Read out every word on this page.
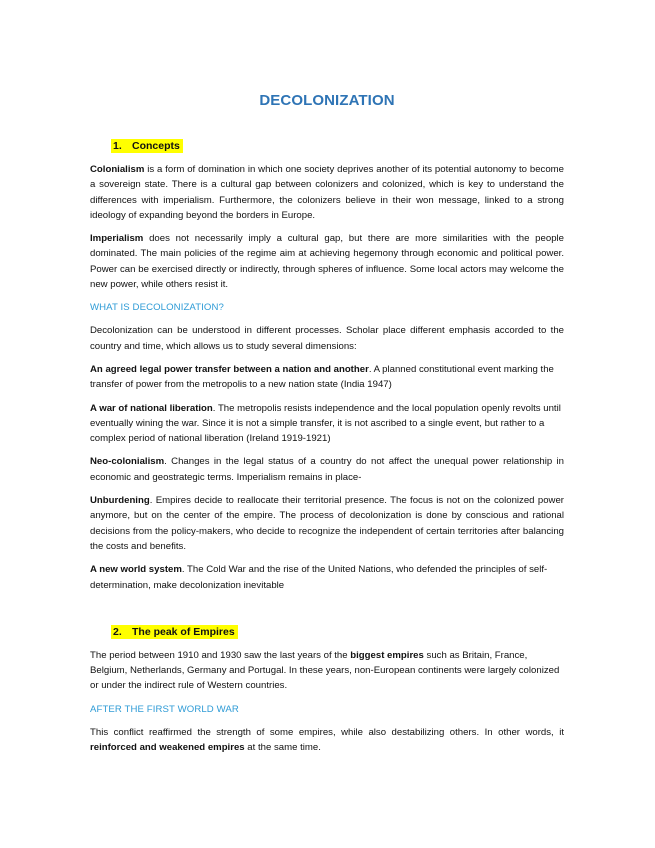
DECOLONIZATION
1. Concepts

Colonialism is a form of domination in which one society deprives another of its potential autonomy to become a sovereign state. There is a cultural gap between colonizers and colonized, which is key to understand the differences with imperialism. Furthermore, the colonizers believe in their won message, linked to a strong ideology of expanding beyond the borders in Europe.

Imperialism does not necessarily imply a cultural gap, but there are more similarities with the people dominated. The main policies of the regime aim at achieving hegemony through economic and political power. Power can be exercised directly or indirectly, through spheres of influence. Some local actors may welcome the new power, while others resist it.

WHAT IS DECOLONIZATION?

Decolonization can be understood in different processes. Scholar place different emphasis accorded to the country and time, which allows us to study several dimensions:

An agreed legal power transfer between a nation and another. A planned constitutional event marking the transfer of power from the metropolis to a new nation state (India 1947)

A war of national liberation. The metropolis resists independence and the local population openly revolts until eventually wining the war. Since it is not a simple transfer, it is not ascribed to a single event, but rather to a complex period of national liberation (Ireland 1919-1921)

Neo-colonialism. Changes in the legal status of a country do not affect the unequal power relationship in economic and geostrategic terms. Imperialism remains in place-

Unburdening. Empires decide to reallocate their territorial presence. The focus is not on the colonized power anymore, but on the center of the empire. The process of decolonization is done by conscious and rational decisions from the policy-makers, who decide to recognize the independent of certain territories after balancing the costs and benefits.

A new world system. The Cold War and the rise of the United Nations, who defended the principles of self-determination, make decolonization inevitable

2. The peak of Empires

The period between 1910 and 1930 saw the last years of the biggest empires such as Britain, France, Belgium, Netherlands, Germany and Portugal. In these years, non-European continents were largely colonized or under the indirect rule of Western countries.

AFTER THE FIRST WORLD WAR

This conflict reaffirmed the strength of some empires, while also destabilizing others. In other words, it reinforced and weakened empires at the same time.
